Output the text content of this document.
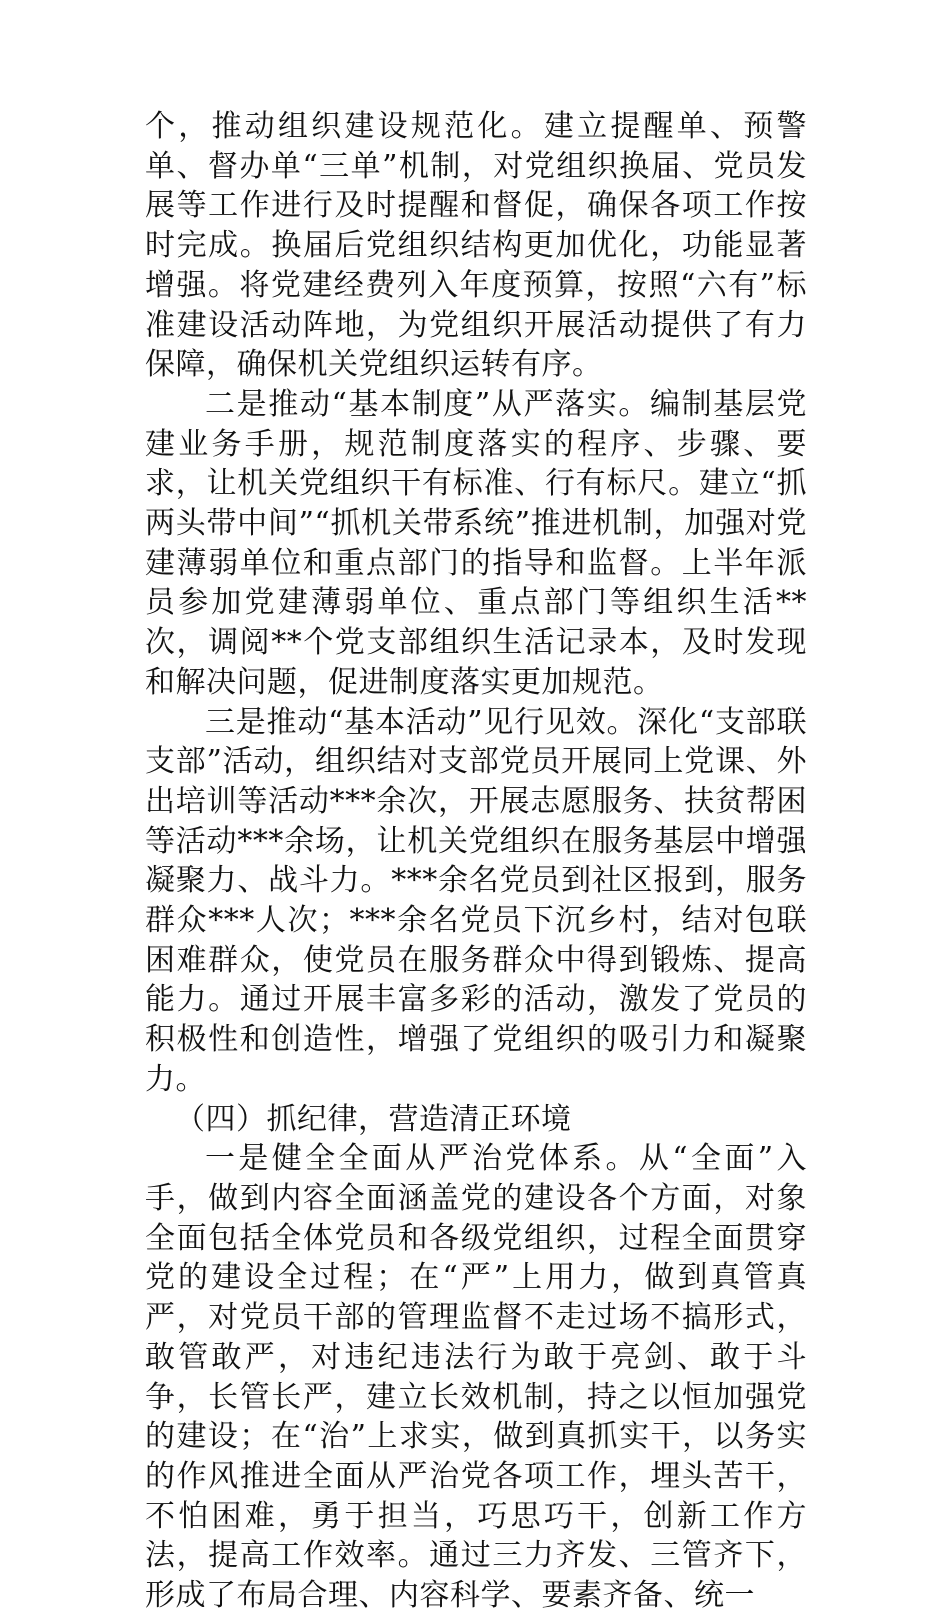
个，推动组织建设规范化。建立提醒单、预警单、督办单“三单”机制，对党组织换届、党员发展等工作进行及时提醒和督促，确保各项工作按时完成。换届后党组织结构更加优化，功能显著增强。将党建经费列入年度预算，按照“六有”标准建设活动阵地，为党组织开展活动提供了有力保障，确保机关党组织运转有序。

二是推动“基本制度”从严落实。编制基层党建业务手册，规范制度落实的程序、步骤、要求，让机关党组织干有标准、行有标尺。建立“抓两头带中间”“抓机关带系统”推进机制，加强对党建薄弱单位和重点部门的指导和监督。上半年派员参加党建薄弱单位、重点部门等组织生活**次，调阅**个党支部组织生活记录本，及时发现和解决问题，促进制度落实更加规范。

三是推动“基本活动”见行见效。深化“支部联支部”活动，组织结对支部党员开展同上党课、外出培训等活动***余次，开展志愿服务、扶贫帮困等活动***余场，让机关党组织在服务基层中增强凝聚力、战斗力。***余名党员到社区报到，服务群众***人次；***余名党员下沉乡村，结对包联困难群众，使党员在服务群众中得到锻炼、提高能力。通过开展丰富多彩的活动，激发了党员的积极性和创造性，增强了党组织的吸引力和凝聚力。

（四）抓纪律，营造清正环境

一是健全全面从严治党体系。从“全面”入手，做到内容全面涵盖党的建设各个方面，对象全面包括全体党员和各级党组织，过程全面贯穿党的建设全过程；在“严”上用力，做到真管真严，对党员干部的管理监督不走过场不搞形式，敢管敢严，对违纪违法行为敢于亮剑、敢于斗争，长管长严，建立长效机制，持之以恒加强党的建设；在“治”上求实，做到真抓实干，以务实的作风推进全面从严治党各项工作，埋头苦干，不怕困难，勇于担当，巧思巧干，创新工作方法，提高工作效率。通过三力齐发、三管齐下，形成了布局合理、内容科学、要素齐备、统一
